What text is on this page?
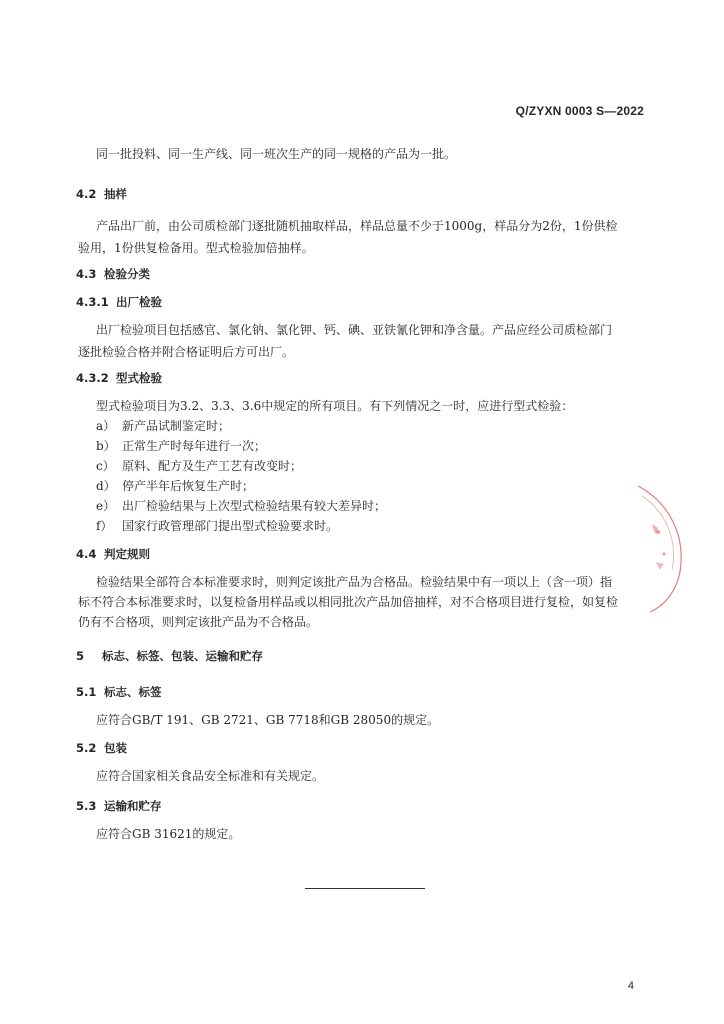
Q/ZYXN 0003 S—2022
同一批投料、同一生产线、同一班次生产的同一规格的产品为一批。
4.2 抽样
产品出厂前，由公司质检部门逐批随机抽取样品，样品总量不少于1000g，样品分为2份，1份供检
验用，1份供复检备用。型式检验加倍抽样。
4.3 检验分类
4.3.1 出厂检验
出厂检验项目包括感官、氯化钠、氯化钾、钙、碘、亚铁氰化钾和净含量。产品应经公司质检部门
逐批检验合格并附合格证明后方可出厂。
4.3.2 型式检验
型式检验项目为3.2、3.3、3.6中规定的所有项目。有下列情况之一时，应进行型式检验：
a） 新产品试制鉴定时；
b） 正常生产时每年进行一次；
c） 原料、配方及生产工艺有改变时；
d） 停产半年后恢复生产时；
e） 出厂检验结果与上次型式检验结果有较大差异时；
f） 国家行政管理部门提出型式检验要求时。
4.4 判定规则
检验结果全部符合本标准要求时，则判定该批产品为合格品。检验结果中有一项以上（含一项）指
标不符合本标准要求时，以复检备用样品或以相同批次产品加倍抽样，对不合格项目进行复检，如复检
仍有不合格项，则判定该批产品为不合格品。
5 标志、标签、包装、运输和贮存
5.1 标志、标签
应符合GB/T 191、GB 2721、GB 7718和GB 28050的规定。
5.2 包装
应符合国家相关食品安全标准和有关规定。
5.3 运输和贮存
应符合GB 31621的规定。
4
